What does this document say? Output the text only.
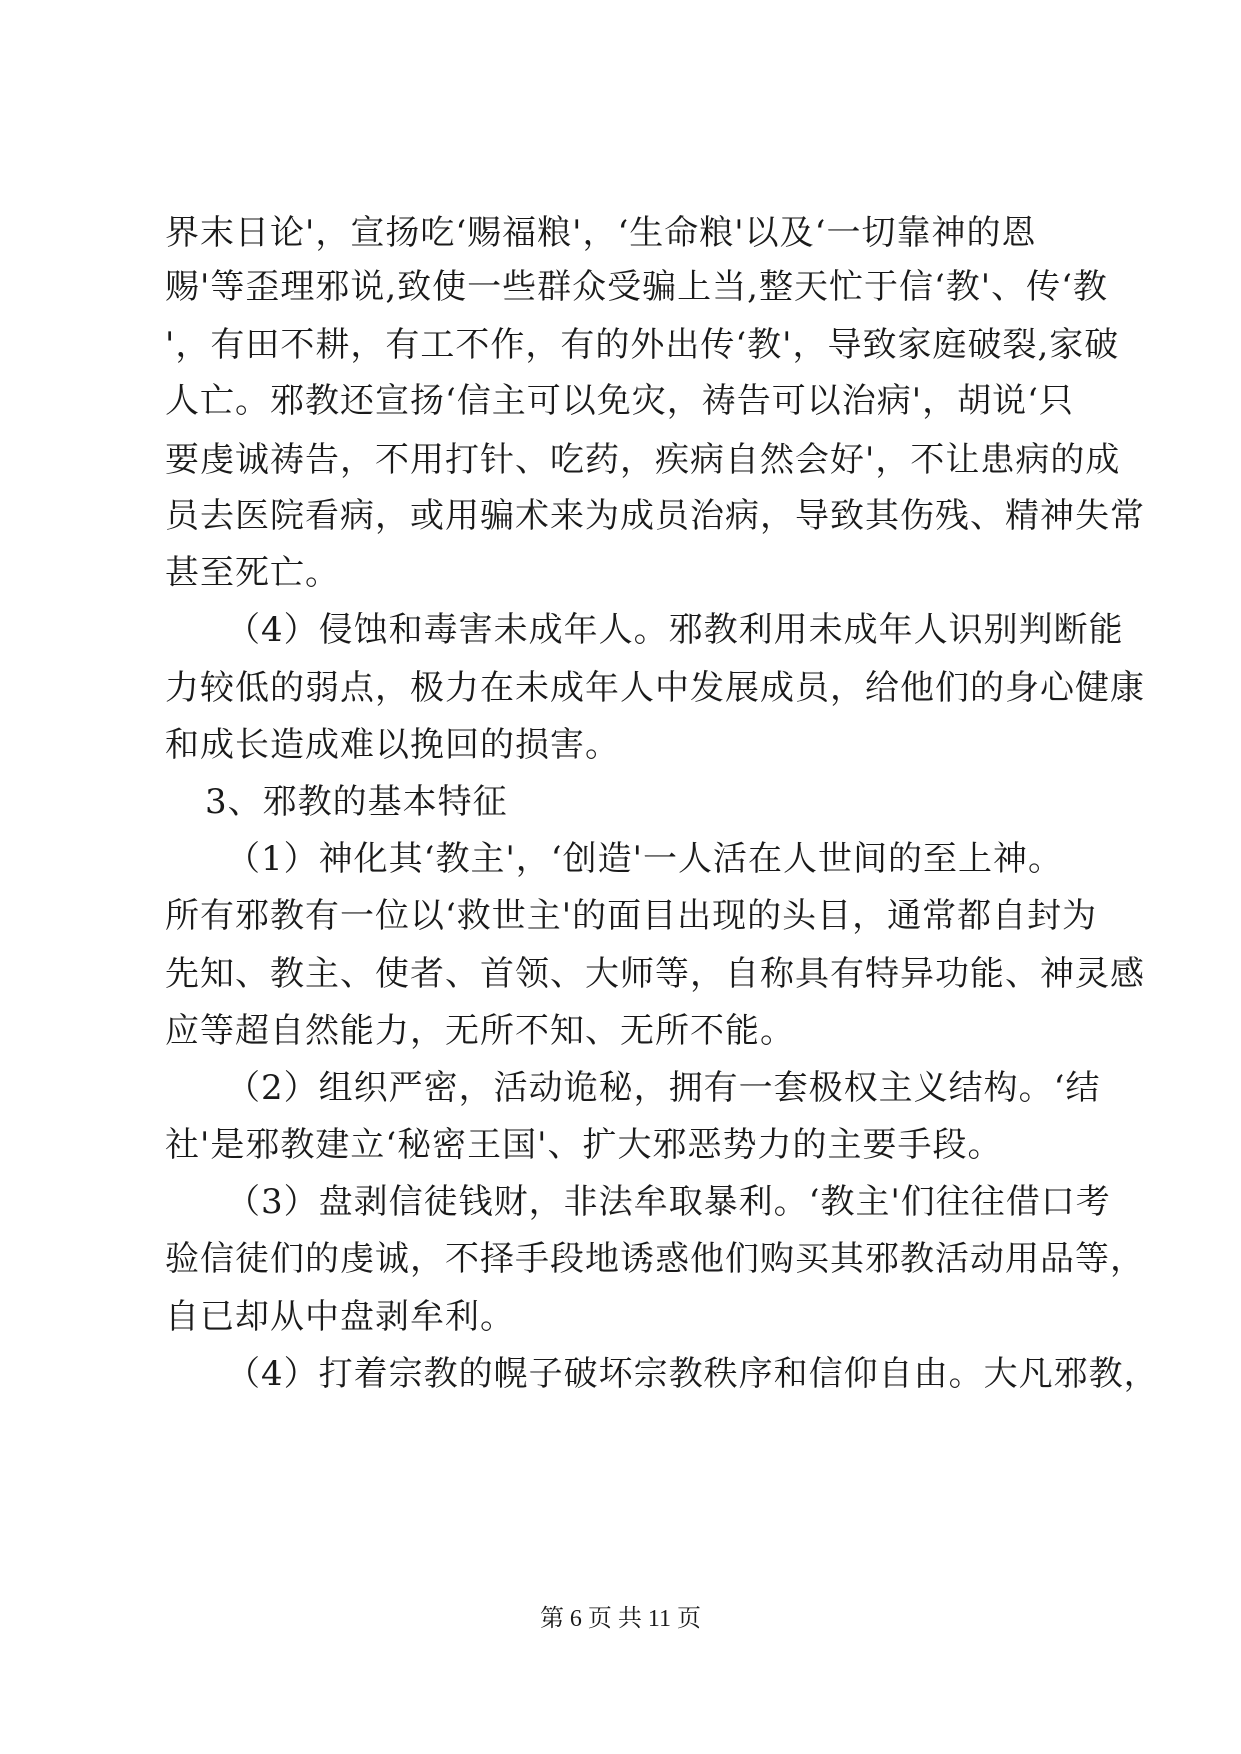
界末日论'，宣扬吃‘赐福粮'，‘生命粮'以及‘一切靠神的恩
赐'等歪理邪说,致使一些群众受骗上当,整天忙于信‘教'、传‘教
'，有田不耕，有工不作，有的外出传‘教'，导致家庭破裂,家破
人亡。邪教还宣扬‘信主可以免灾，祷告可以治病'，胡说‘只
要虔诚祷告，不用打针、吃药，疾病自然会好'，不让患病的成
员去医院看病，或用骗术来为成员治病，导致其伤残、精神失常
甚至死亡。
（4）侵蚀和毒害未成年人。邪教利用未成年人识别判断能
力较低的弱点，极力在未成年人中发展成员，给他们的身心健康
和成长造成难以挽回的损害。
3、邪教的基本特征
（1）神化其‘教主'，‘创造'一人活在人世间的至上神。
所有邪教有一位以‘救世主'的面目出现的头目，通常都自封为
先知、教主、使者、首领、大师等，自称具有特异功能、神灵感
应等超自然能力，无所不知、无所不能。
（2）组织严密，活动诡秘，拥有一套极权主义结构。‘结
社'是邪教建立‘秘密王国'、扩大邪恶势力的主要手段。
（3）盘剥信徒钱财，非法牟取暴利。‘教主'们往往借口考
验信徒们的虔诚，不择手段地诱惑他们购买其邪教活动用品等，
自已却从中盘剥牟利。
（4）打着宗教的幌子破坏宗教秩序和信仰自由。大凡邪教，
第 6 页 共 11 页
